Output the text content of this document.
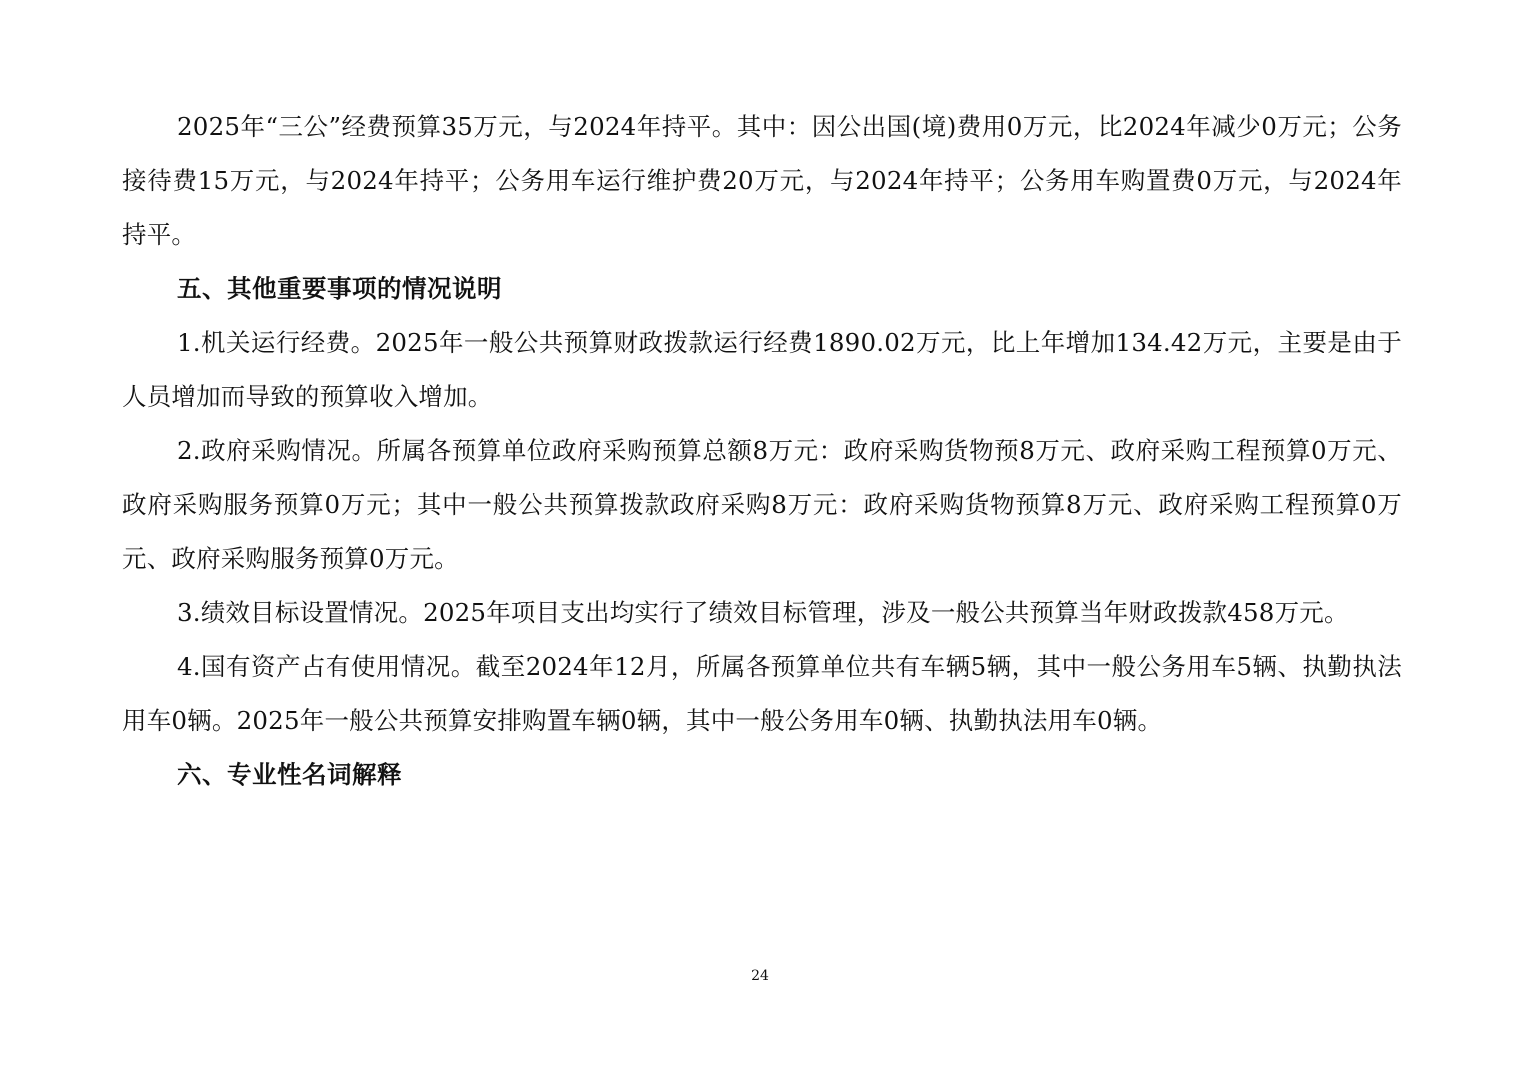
2025年“三公”经费预算35万元，与2024年持平。其中：因公出国(境)费用0万元，比2024年减少0万元；公务接待费15万元，与2024年持平；公务用车运行维护费20万元，与2024年持平；公务用车购置费0万元，与2024年持平。

五、其他重要事项的情况说明

1.机关运行经费。2025年一般公共预算财政拨款运行经费1890.02万元，比上年增加134.42万元，主要是由于人员增加而导致的预算收入增加。

2.政府采购情况。所属各预算单位政府采购预算总额8万元：政府采购货物预8万元、政府采购工程预算0万元、政府采购服务预算0万元；其中一般公共预算拨款政府采购8万元：政府采购货物预算8万元、政府采购工程预算0万元、政府采购服务预算0万元。

3.绩效目标设置情况。2025年项目支出均实行了绩效目标管理，涉及一般公共预算当年财政拨款458万元。

4.国有资产占有使用情况。截至2024年12月，所属各预算单位共有车辆5辆，其中一般公务用车5辆、执勤执法用车0辆。2025年一般公共预算安排购置车辆0辆，其中一般公务用车0辆、执勤执法用车0辆。

六、专业性名词解释

24
